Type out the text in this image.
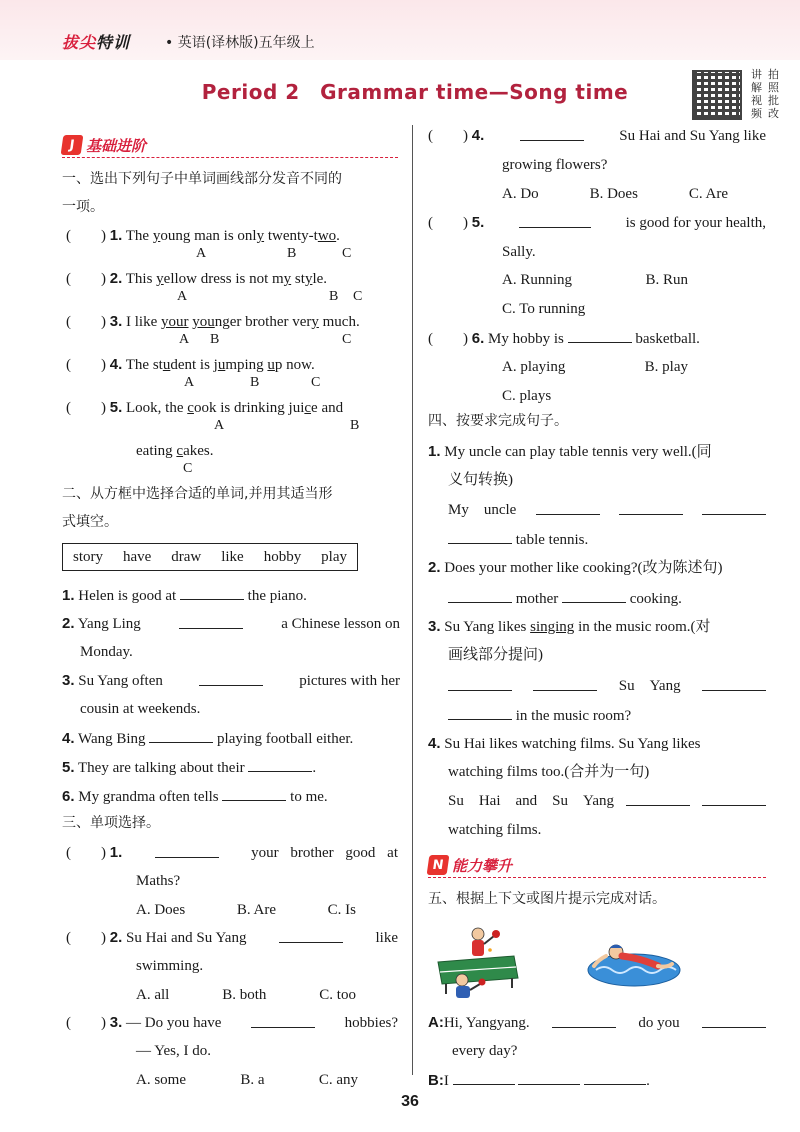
拔尖特训 • 英语(译林版)五年级上
Period 2　Grammar time—Song time
讲 拍
解 照
视 批
频 改
J 基础进阶
一、选出下列句子中单词画线部分发音不同的
一项。
(　　) 1. The young man is only twenty-two.
A	B	C
(　　) 2. This yellow dress is not my style.
A	B C
(　　) 3. I like your younger brother very much.
A B	C
(　　) 4. The student is jumping up now.
A	B	C
(　　) 5. Look, the cook is drinking juice and
A	B
eating cakes.
C
二、从方框中选择合适的单词,并用其适当形
式填空。
story have draw like hobby play
1. Helen is good at	the piano.
2. Yang Ling	a Chinese lesson on
Monday.
3. Su Yang often	pictures with her
cousin at weekends.
4. Wang Bing	playing football either.
5. They are talking about their	.
6. My grandma often tells	to me.
三、单项选择。
(　　) 1.	your brother good at
Maths?
A. Does	B. Are	C. Is
(　　) 2. Su Hai and Su Yang	like
swimming.
A. all	B. both	C. too
(　　) 3. — Do you have	hobbies?
— Yes, I do.
A. some	B. a	C. any
(　　) 4.	Su Hai and Su Yang like
growing flowers?
A. Do	B. Does	C. Are
(　　) 5.	is good for your health,
Sally.
A. Running	B. Run
C. To running
(　　) 6. My hobby is	basketball.
A. playing	B. play
C. plays
四、按要求完成句子。
1. My uncle can play table tennis very well.(同
义句转换)
My　uncle
table tennis.
2. Does your mother like cooking?(改为陈述句)
mother	cooking.
3. Su Yang likes singing in the music room.(对
画线部分提问)
Su　Yang
in the music room?
4. Su Hai likes watching films. Su Yang likes
watching films too.(合并为一句)
Su　Hai　and　Su　Yang
watching films.
N 能力攀升
五、根据上下文或图片提示完成对话。
A:Hi, Yangyang.	do you
every day?
B:I	.
36
